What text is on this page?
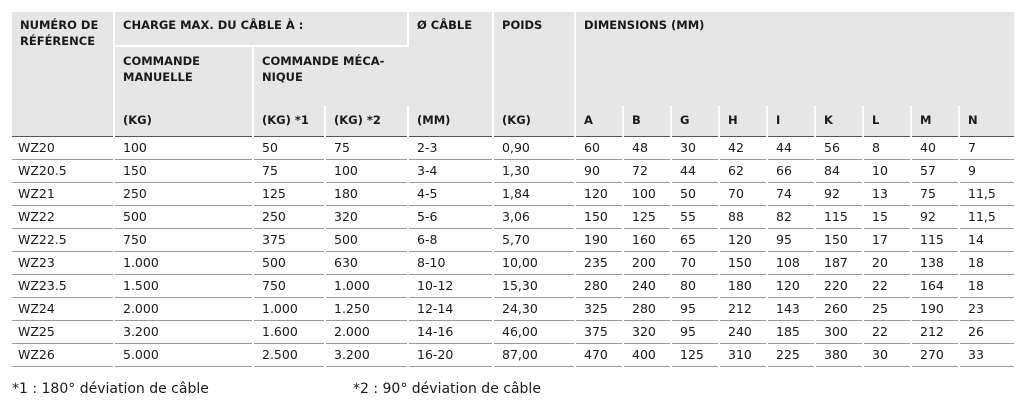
NUMÉRO DE RÉFÉRENCE	CHARGE MAX. DU CÂBLE À :			Ø CÂBLE	POIDS	DIMENSIONS (MM)								
	COMMANDE MANUELLE	COMMANDE MÉCA-
NIQUE												
	(KG)	(KG) *1	(KG) *2	(MM)	(KG)	A	B	G	H	I	K	L	M	N
WZ20	100	50	75	2-3	0,90	60	48	30	42	44	56	8	40	7
WZ20.5	150	75	100	3-4	1,30	90	72	44	62	66	84	10	57	9
WZ21	250	125	180	4-5	1,84	120	100	50	70	74	92	13	75	11,5
WZ22	500	250	320	5-6	3,06	150	125	55	88	82	115	15	92	11,5
WZ22.5	750	375	500	6-8	5,70	190	160	65	120	95	150	17	115	14
WZ23	1.000	500	630	8-10	10,00	235	200	70	150	108	187	20	138	18
WZ23.5	1.500	750	1.000	10-12	15,30	280	240	80	180	120	220	22	164	18
WZ24	2.000	1.000	1.250	12-14	24,30	325	280	95	212	143	260	25	190	23
WZ25	3.200	1.600	2.000	14-16	46,00	375	320	95	240	185	300	22	212	26
WZ26	5.000	2.500	3.200	16-20	87,00	470	400	125	310	225	380	30	270	33
*1 : 180° déviation de câble	*2 : 90° déviation de câble
